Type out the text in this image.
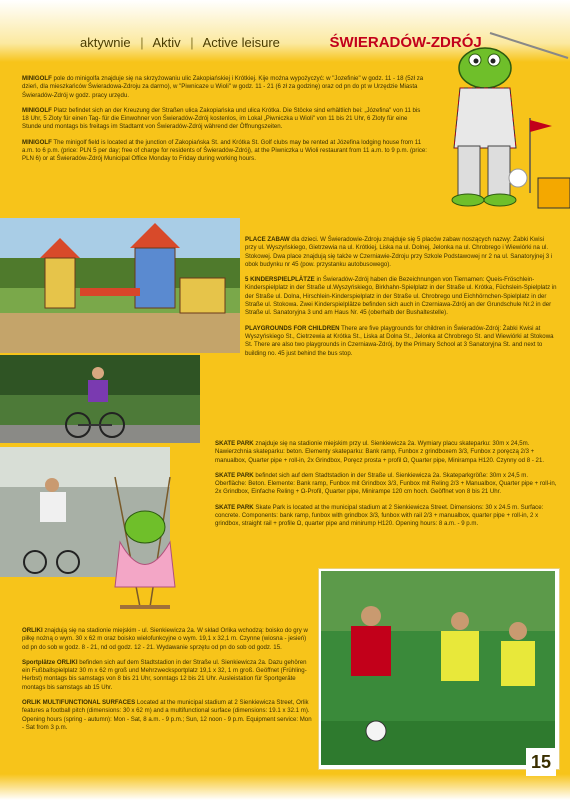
aktywnie | Aktiv | Active leisure	ŚWIERADÓW-ZDRÓJ

MINIGOLF pole do minigolfa znajduje się na skrzyżowaniu ulic Zakopiańskiej i Krótkiej. Kije można wypożyczyć: w "Jozefinie" w godz. 11 - 18 (5zł za dzień, dla mieszkańców Świeradowa-Zdroju za darmo), w "Piwnicaze u Wioli" w godz. 11 - 21 (6 zł za godzinę) oraz od pn do pt w Urzędzie Miasta Świeradów-Zdrój w godz. pracy urzędu.

MINIGOLF Platz befindet sich an der Kreuzung der Straßen ulica Zakopiańska und ulica Krótka. Die Stöcke sind erhältlich bei: „Józefina" von 11 bis 18 Uhr, 5 Zloty für einen Tag- für die Einwohner von Świeradów-Zdrój kostenlos, im Lokal „Piwniczka u Wioli" von 11 bis 21 Uhr, 6 Zloty für eine Stunde und montags bis freitags im Stadtamt von Świeradów-Zdrój während der Öffnungszeiten.

MINIGOLF The minigolf field is located at the junction of Zakopiańska St. and Krótka St. Golf clubs may be rented at Józefina lodging house from 11 a.m. to 6 p.m. (price: PLN 5 per day; free of charge for residents of Świeradów-Zdrój), at the Piwniczka u Wioli restaurant from 11 a.m. to 9 p.m. (price: PLN 6) or at Świeradów-Zdrój Municipal Office Monday to Friday during working hours.

PLACE ZABAW dla dzieci. W Świeradowie-Zdroju znajduje się 5 placów zabaw noszących nazwy: Żabki Kwisi przy ul. Wyszyńskiego, Gietrzewia na ul. Krótkiej, Liska na ul. Dolnej, Jelonka na ul. Chrobrego i Wiewiórki na ul. Stokowej. Dwa place znajdują się także w Czerniawie-Zdroju przy Szkole Podstawowej nr 2 na ul. Sanatoryjnej 3 i obok budynku nr 45 (pow. przystanku autobusowego).

5 KINDERSPIELPLÄTZE in Świeradów-Zdrój haben die Bezeichnungen von Tiernamen: Queis-Fröschlein-Kinderspielplatz in der Straße ul.Wyszyńskiego, Birkhahn-Spielplatz in der Straße ul. Krótka, Füchslein-Spielplatz in der Straße ul. Dolna, Hirschlein-Kinderspielplatz in der Straße ul. Chrobrego und Eichhörnchen-Spielplatz in der Straße ul. Stokowa. Zwei Kinderspielplätze befinden sich auch in Czerniawa-Zdrój an der Grundschule Nr.2 in der Straße ul. Sanatoryjna 3 und am Haus Nr. 45 (oberhalb der Bushaltestelle).

PLAYGROUNDS FOR CHILDREN There are five playgrounds for children in Świeradów-Zdrój: Żabki Kwisi at Wyszyńskiego St., Cietrzewia at Krótka St., Liska at Dolna St., Jelonka at Chrobrego St. and Wiewiórki at Stokowa St. There are also two playgrounds in Czerniawa-Zdrój, by the Primary School at 3 Sanatoryjna St. and next to building no. 45 just behind the bus stop.

SKATE PARK znajduje się na stadionie miejskim przy ul. Sienkiewicza 2a. Wymiary placu skateparku: 30m x 24,5m. Nawierzchnia skateparku: beton. Elementy skateparku: Bank ramp, Funbox z grindboxem 3/3, Funbox z poręczą 2/3 + manualbox, Quarter pipe + roll-in, 2x Grindbox, Poręcz prosta + profil Ω, Quarter pipe, Minirampa H120. Czynny od 8 - 21.

SKATE PARK befindet sich auf dem Stadtstadion in der Straße ul. Sienkiewicza 2a. Skateparkgröße: 30m x 24,5 m. Oberfläche: Beton. Elemente: Bank ramp, Funbox mit Grindbox 3/3, Funbox mit Reling 2/3 + Manualbox, Quarter pipe + roll-in, 2x Grindbox, Einfache Reling + Ω-Profil, Quarter pipe, Minirampe 120 cm hoch. Geöffnet von 8 bis 21 Uhr.

SKATE PARK Skate Park is located at the municipal stadium at 2 Sienkiewicza Street. Dimensions: 30 x 24.5 m. Surface: concrete. Components: bank ramp, funbox with grindbox 3/3, funbox with rail 2/3 + manualbox, quarter pipe + roll-in, 2 x grindbox, straight rail + profile Ω, quarter pipe and minirump H120. Opening hours: 8 a.m. - 9 p.m.

ORLIKI znajdują się na stadionie miejskim - ul. Sienkiewicza 2a. W skład Orlika wchodzą: boisko do gry w piłkę nożną o wym. 30 x 62 m oraz boisko wielofunkcyjne o wym. 19,1 x 32,1 m. Czynne (wiosna - jesień) od pn do sob w godz. 8 - 21, nd od godz. 12 - 21. Wydawanie sprzętu od pn do sob od godz. 15.

Sportplätze ORLIKI befinden sich auf dem Stadtstadion in der Straße ul. Sienkiewicza 2a. Dazu gehören ein Fußballspielplatz 30 m x 62 m groß und Mehrzwecksportplatz 19,1 x 32, 1 m groß. Geöffnet (Frühling-Herbst) montags bis samstags von 8 bis 21 Uhr, sonntags 12 bis 21 Uhr. Ausleistation für Sportgeräte montags bis samstags ab 15 Uhr.

ORLIK MULTIFUNCTIONAL SURFACES Located at the municipal stadium at 2 Sienkiewicza Street, Orlik features a football pitch (dimensions: 30 x 62 m) and a multifunctional surface (dimensions: 19.1 x 32.1 m). Opening hours (spring - autumn): Mon - Sat, 8 a.m. - 9 p.m.; Sun, 12 noon - 9 p.m. Equipment service: Mon - Sat from 3 p.m.

15
